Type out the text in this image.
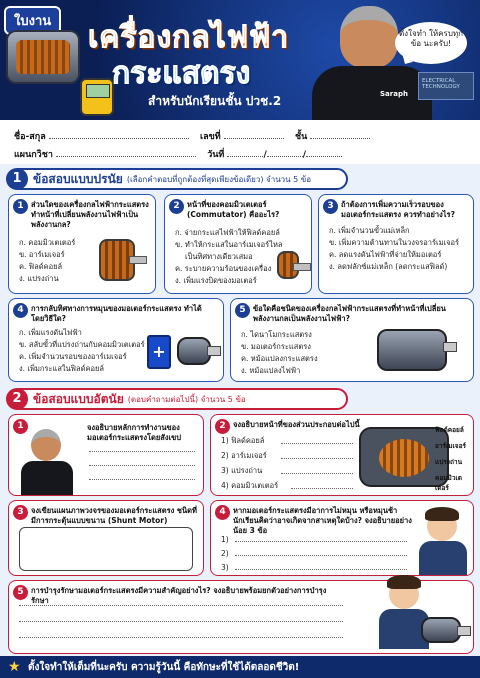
ใบงาน	เครื่องกลไฟฟ้า
กระแสตรง
สำหรับนักเรียนชั้น ปวช.2	Saraph
ELECTRICAL TECHNOLOGY
ตั้งใจทำ ให้ครบทุกข้อ นะครับ!
ชื่อ-สกุล	เลขที่	ชั้น
แผนกวิชา	วันที่	/	/
1 ข้อสอบแบบปรนัย (เลือกคำตอบที่ถูกต้องที่สุดเพียงข้อเดียว) จำนวน 5 ข้อ
1 ส่วนใดของเครื่องกลไฟฟ้ากระแสตรง ทำหน้าที่เปลี่ยนพลังงานไฟฟ้าเป็นพลังงานกล?
ก. คอมมิวเตเตอร์
ข. อาร์เมเจอร์
ค. ฟิลด์คอยล์
ง. แปรงถ่าน
2 หน้าที่ของคอมมิวเตเตอร์ (Commutator) คืออะไร?
ก. จ่ายกระแสไฟฟ้าให้ฟิลด์คอยล์
ข. ทำให้กระแสในอาร์เมเจอร์ไหล
เป็นทิศทางเดียวเสมอ
ค. ระบายความร้อนของเครื่อง
ง. เพิ่มแรงบิดของมอเตอร์
3 ถ้าต้องการเพิ่มความเร็วรอบของมอเตอร์กระแสตรง ควรทำอย่างไร?
ก. เพิ่มจำนวนขั้วแม่เหล็ก
ข. เพิ่มความต้านทานในวงจรอาร์เมเจอร์
ค. ลดแรงดันไฟฟ้าที่จ่ายให้มอเตอร์
ง. ลดฟลักซ์แม่เหล็ก (ลดกระแสฟิลด์)
4 การกลับทิศทางการหมุนของมอเตอร์กระแสตรง ทำได้โดยวิธีใด?
ก. เพิ่มแรงดันไฟฟ้า
ข. สลับขั้วที่แปรงถ่านกับคอมมิวเตเตอร์
ค. เพิ่มจำนวนรอบของอาร์เมเจอร์
ง. เพิ่มกระแสในฟิลด์คอยล์
+
5 ข้อใดคือชนิดของเครื่องกลไฟฟ้ากระแสตรงที่ทำหน้าที่เปลี่ยนพลังงานกลเป็นพลังงานไฟฟ้า?
ก. ไดนาโมกระแสตรง
ข. มอเตอร์กระแสตรง
ค. หม้อแปลงกระแสตรง
ง. หม้อแปลงไฟฟ้า
2 ข้อสอบแบบอัตนัย (ตอบคำถามต่อไปนี้) จำนวน 5 ข้อ
1	จงอธิบายหลักการทำงานของมอเตอร์กระแสตรงโดยสังเขป
2 จงอธิบายหน้าที่ของส่วนประกอบต่อไปนี้
1) ฟิลด์คอยล์
2) อาร์เมเจอร์
3) แปรงถ่าน
4) คอมมิวเตเตอร์
ฟิลด์คอยล์
อาร์เมเจอร์
แปรงถ่าน
คอมมิวเตเตอร์
3 จงเขียนแผนภาพวงจรของมอเตอร์กระแสตรง ชนิดที่มีการกระตุ้นแบบขนาน (Shunt Motor)
4 หากมอเตอร์กระแสตรงมีอาการไม่หมุน หรือหมุนช้า นักเรียนคิดว่าอาจเกิดจากสาเหตุใดบ้าง? จงอธิบายอย่างน้อย 3 ข้อ
1)
2)
3)
5 การบำรุงรักษามอเตอร์กระแสตรงมีความสำคัญอย่างไร? จงอธิบายพร้อมยกตัวอย่างการบำรุงรักษา
★ ตั้งใจทำให้เต็มที่นะครับ ความรู้วันนี้ คือทักษะที่ใช้ได้ตลอดชีวิต!
